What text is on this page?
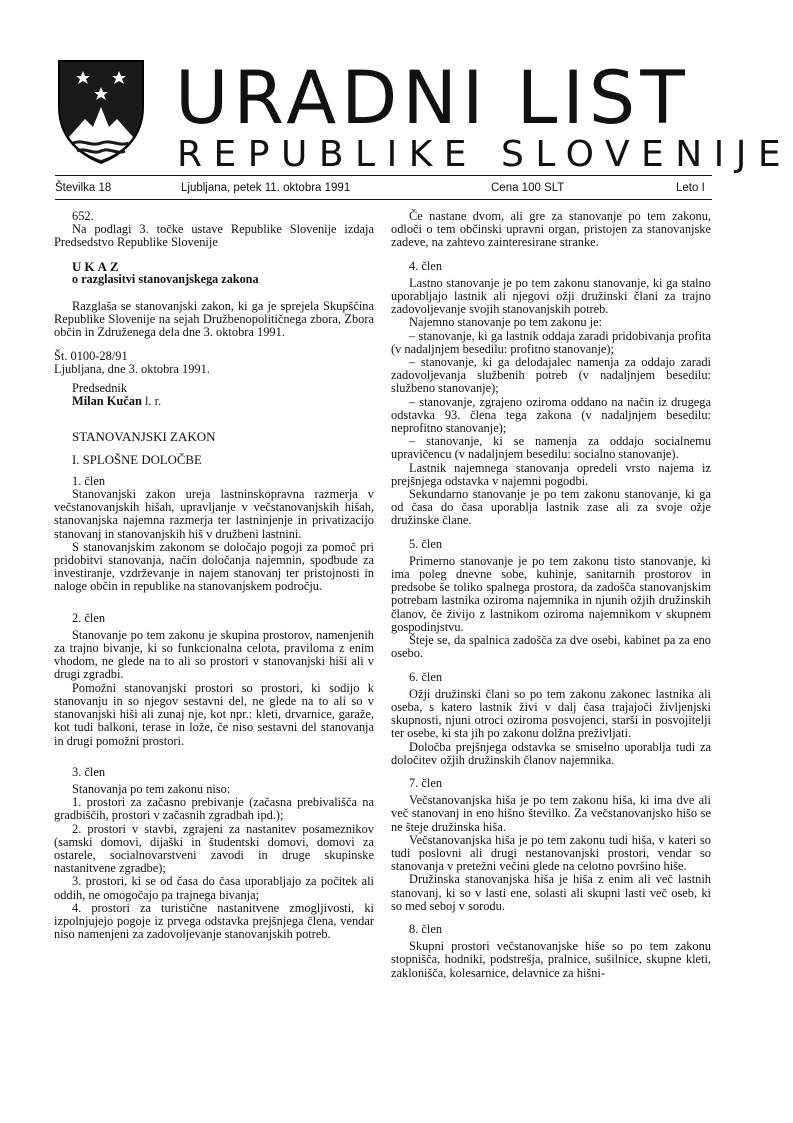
URADNI LIST
REPUBLIKE SLOVENIJE
Številka 18	Ljubljana, petek 11. oktobra 1991	Cena 100 SLT	Leto I

652.

Na podlagi 3. točke ustave Republike Slovenije izdaja Predsedstvo Republike Slovenije

UKAZ

o razglasitvi stanovanjskega zakona

Razglaša se stanovanjski zakon, ki ga je sprejela Skupščina Republike Slovenije na sejah Družbenopolitičnega zbora, Zbora občin in Združenega dela dne 3. oktobra 1991.

Št. 0100-28/91

Ljubljana, dne 3. oktobra 1991.

Predsednik

Milan Kučan l. r.

STANOVANJSKI ZAKON

I. SPLOŠNE DOLOČBE

1. člen

Stanovanjski zakon ureja lastninskopravna razmerja v večstanovanjskih hišah, upravljanje v večstanovanjskih hišah, stanovanjska najemna razmerja ter lastninjenje in privatizacijo stanovanj in stanovanjskih hiš v družbeni lastnini.

S stanovanjskim zakonom se določajo pogoji za pomoč pri pridobitvi stanovanja, način določanja najemnin, spodbude za investiranje, vzdrževanje in najem stanovanj ter pristojnosti in naloge občin in republike na stanovanjskem področju.

2. člen

Stanovanje po tem zakonu je skupina prostorov, namenjenih za trajno bivanje, ki so funkcionalna celota, praviloma z enim vhodom, ne glede na to ali so prostori v stanovanjski hiši ali v drugi zgradbi.

Pomožni stanovanjski prostori so prostori, ki sodijo k stanovanju in so njegov sestavni del, ne glede na to ali so v stanovanjski hiši ali zunaj nje, kot npr.: kleti, drvarnice, garaže, kot tudi balkoni, terase in lože, če niso sestavni del stanovanja in drugi pomožni prostori.

3. člen

Stanovanja po tem zakonu niso:

1. prostori za začasno prebivanje (začasna prebivališča na gradbiščih, prostori v začasnih zgradbah ipd.);

2. prostori v stavbi, zgrajeni za nastanitev posameznikov (samski domovi, dijaški in študentski domovi, domovi za ostarele, socialnovarstveni zavodi in druge skupinske nastanitvene zgradbe);

3. prostori, ki se od časa do časa uporabljajo za počitek ali oddih, ne omogočajo pa trajnega bivanja;

4. prostori za turistične nastanitvene zmogljivosti, ki izpolnjujejo pogoje iz prvega odstavka prejšnjega člena, vendar niso namenjeni za zadovoljevanje stanovanjskih potreb.

Če nastane dvom, ali gre za stanovanje po tem zakonu, odloči o tem občinski upravni organ, pristojen za stanovanjske zadeve, na zahtevo zainteresirane stranke.

4. člen

Lastno stanovanje je po tem zakonu stanovanje, ki ga stalno uporabljajo lastnik ali njegovi ožji družinski člani za trajno zadovoljevanje svojih stanovanjskih potreb.

Najemno stanovanje po tem zakonu je:

– stanovanje, ki ga lastnik oddaja zaradi pridobivanja profita (v nadaljnjem besedilu: profitno stanovanje);

– stanovanje, ki ga delodajalec namenja za oddajo zaradi zadovoljevanja službenih potreb (v nadaljnjem besedilu: službeno stanovanje);

– stanovanje, zgrajeno oziroma oddano na način iz drugega odstavka 93. člena tega zakona (v nadaljnjem besedilu: neprofitno stanovanje);

– stanovanje, ki se namenja za oddajo socialnemu upravičencu (v nadaljnjem besedilu: socialno stanovanje).

Lastnik najemnega stanovanja opredeli vrsto najema iz prejšnjega odstavka v najemni pogodbi.

Sekundarno stanovanje je po tem zakonu stanovanje, ki ga od časa do časa uporablja lastnik zase ali za svoje ožje družinske člane.

5. člen

Primerno stanovanje je po tem zakonu tisto stanovanje, ki ima poleg dnevne sobe, kuhinje, sanitarnih prostorov in predsobe še toliko spalnega prostora, da zadošča stanovanjskim potrebam lastnika oziroma najemnika in njunih ožjih družinskih članov, če živijo z lastnikom oziroma najemnikom v skupnem gospodinjstvu.

Šteje se, da spalnica zadošča za dve osebi, kabinet pa za eno osebo.

6. člen

Ožji družinski člani so po tem zakonu zakonec lastnika ali oseba, s katero lastnik živi v dalj časa trajajoči življenjski skupnosti, njuni otroci oziroma posvojenci, starši in posvojitelji ter osebe, ki sta jih po zakonu dolžna preživljati.

Določba prejšnjega odstavka se smiselno uporablja tudi za določitev ožjih družinskih članov najemnika.

7. člen

Večstanovanjska hiša je po tem zakonu hiša, ki ima dve ali več stanovanj in eno hišno številko. Za večstanovanjsko hišo se ne šteje družinska hiša.

Večstanovanjska hiša je po tem zakonu tudi hiša, v kateri so tudi poslovni ali drugi nestanovanjski prostori, vendar so stanovanja v pretežni večini glede na celotno površino hiše.

Družinska stanovanjska hiša je hiša z enim ali več lastnih stanovanj, ki so v lasti ene, solasti ali skupni lasti več oseb, ki so med seboj v sorodu.

8. člen

Skupni prostori večstanovanjske hiše so po tem zakonu stopnišča, hodniki, podstrešja, pralnice, sušilnice, skupne kleti, zaklonišča, kolesarnice, delavnice za hišni-
